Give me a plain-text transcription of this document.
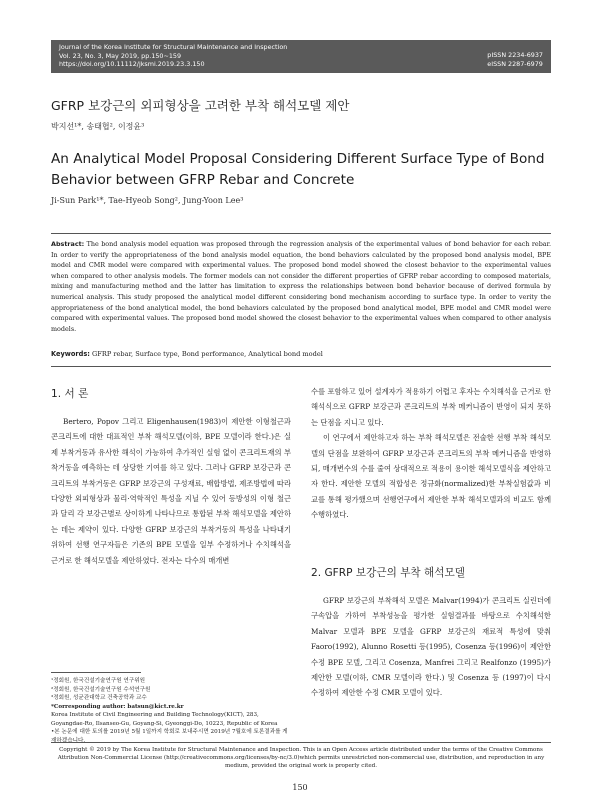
Journal of the Korea Institute for Structural Maintenance and Inspection
Vol. 23, No. 3, May 2019, pp.150~159
https://doi.org/10.11112/jksmi.2019.23.3.150
pISSN 2234-6937
eISSN 2287-6979
GFRP 보강근의 외피형상을 고려한 부착 해석모델 제안
박지선¹*, 송태협², 이정윤³
An Analytical Model Proposal Considering Different Surface Type of Bond Behavior between GFRP Rebar and Concrete
Ji-Sun Park¹*, Tae-Hyeob Song², Jung-Yoon Lee³
Abstract: The bond analysis model equation was proposed through the regression analysis of the experimental values of bond behavior for each rebar. In order to verify the appropriateness of the bond analysis model equation, the bond behaviors calculated by the proposed bond analysis model, BPE model and CMR model were compared with experimental values. The proposed bond model showed the closest behavior to the experimental values when compared to other analysis models. The former models can not consider the different properties of GFRP rebar according to composed materials, mixing and manufacturing method and the latter has limitation to express the relationships between bond behavior because of derived formula by numerical analysis. This study proposed the analytical model different considering bond mechanism according to surface type. In order to verity the appropriateness of the bond analytical model, the bond behaviors calculated by the proposed bond analytical model, BPE model and CMR model were compared with experimental values. The proposed bond model showed the closest behavior to the experimental values when compared to other analysis models.
Keywords: GFRP rebar, Surface type, Bond performance, Analytical bond model
1. 서 론

Bertero, Popov 그리고 Eligenhausen(1983)이 제안한 이형철근과 콘크리트에 대한 대표적인 부착 해석모델(이하, BPE 모델이라 한다.)은 실제 부착거동과 유사한 해석이 가능하여 추가적인 실험 없이 콘크리트재의 부착거동을 예측하는 데 상당한 기여를 하고 있다. 그러나 GFRP 보강근과 콘크리트의 부착거동은 GFRP 보강근의 구성재료, 배합방법, 제조방법에 따라 다양한 외피형상과 물리·역학적인 특성을 지닐 수 있어 등방성의 이형 철근과 달리 각 보강근별로 상이하게 나타나므로 통합된 부착 해석모델을 제안하는 데는 제약이 있다. 다양한 GFRP 보강근의 부착거동의 특성을 나타내기 위하여 선행 연구자들은 기존의 BPE 모델을 일부 수정하거나 수치해석을 근거로 한 해석모델을 제안하였다. 전자는 다수의 매개변

수를 포함하고 있어 설계자가 적용하기 어렵고 후자는 수치해석을 근거로 한 해석식으로 GFRP 보강근과 콘크리트의 부착 메커니즘이 반영이 되지 못하는 단점을 지니고 있다.

이 연구에서 제안하고자 하는 부착 해석모델은 전술한 선행 부착 해석모델의 단점을 보완하여 GFRP 보강근과 콘크리트의 부착 메커니즘을 반영하되, 매개변수의 수를 줄여 상대적으로 적용이 용이한 해석모델식을 제안하고자 한다. 제안한 모델의 적합성은 정규화(normalized)한 부착실험값과 비교를 통해 평가했으며 선행연구에서 제안한 부착 해석모델과의 비교도 함께 수행하였다.

2. GFRP 보강근의 부착 해석모델

GFRP 보강근의 부착해석 모델은 Malvar(1994)가 콘크리트 실린더에 구속압을 가하여 부착성능을 평가한 실험결과를 바탕으로 수치해석한 Malvar 모델과 BPE 모델을 GFRP 보강근의 재료적 특성에 맞춰 Faoro(1992), Alunno Rosetti 등(1995), Cosenza 등(1996)이 제안한 수정 BPE 모델, 그리고 Cosenza, Manfrei 그리고 Realfonzo (1995)가 제안한 모델(이하, CMR 모델이라 한다.) 및 Cosenza 등 (1997)이 다시 수정하여 제안한 수정 CMR 모델이 있다.

¹정회원, 한국건설기술연구원 연구위원
²정회원, 한국건설기술연구원 수석연구원
³정회원, 성균관대학교 건축공학과 교수
*Corresponding author: batsun@kict.re.kr
Korea Institute of Civil Engineering and Building Technology(KICT), 283, Goyangdae-Ro, Ilsanseo-Gu, Goyang-Si, Gyeonggi-Do, 10223, Republic of Korea
•본 논문에 대한 토의를 2019년 5월 1일까지 학회로 보내주시면 2019년 7월호에 토론결과를 게재하겠습니다.
Copyright © 2019 by The Korea Institute for Structural Maintenance and Inspection. This is an Open Access article distributed under the terms of the Creative Commons Attribution Non-Commercial License (http://creativecommons.org/licenses/by-nc/3.0)which permits unrestricted non-commercial use, distribution, and reproduction in any medium, provided the original work is properly cited.
150
